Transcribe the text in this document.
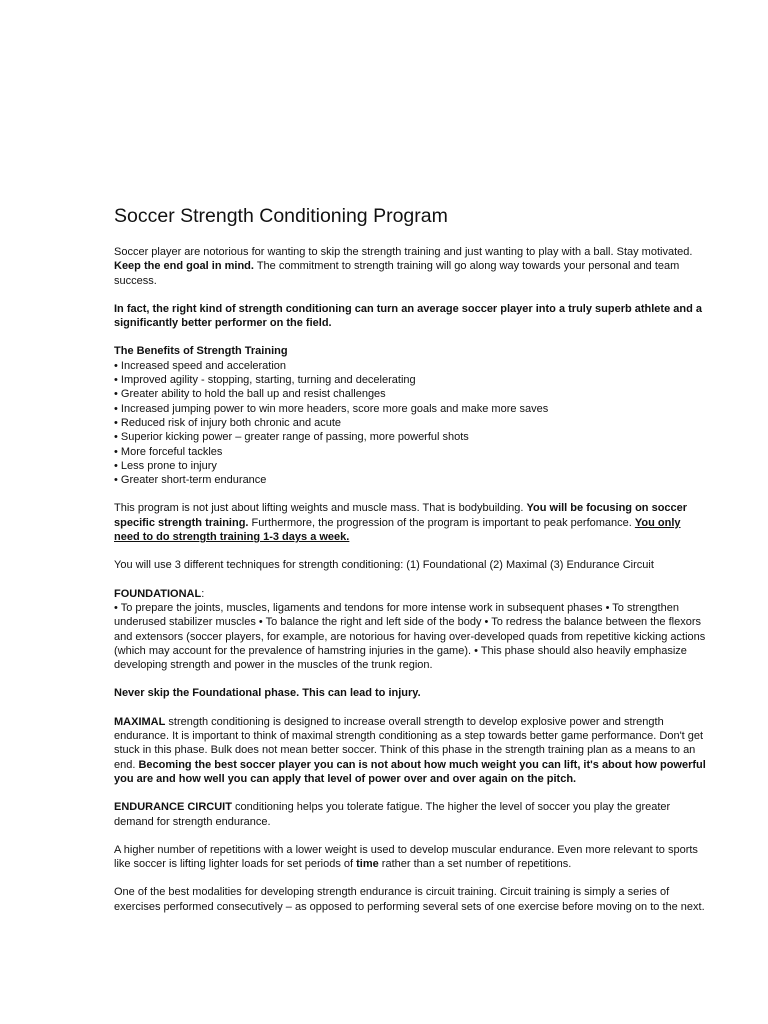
Soccer Strength Conditioning Program

Soccer player are notorious for wanting to skip the strength training and just wanting to play with a ball. Stay motivated. Keep the end goal in mind. The commitment to strength training will go along way towards your personal and team success.

In fact, the right kind of strength conditioning can turn an average soccer player into a truly superb athlete and a significantly better performer on the field.

The Benefits of Strength Training
• Increased speed and acceleration
• Improved agility - stopping, starting, turning and decelerating
• Greater ability to hold the ball up and resist challenges
• Increased jumping power to win more headers, score more goals and make more saves
• Reduced risk of injury both chronic and acute
• Superior kicking power – greater range of passing, more powerful shots
• More forceful tackles
• Less prone to injury
• Greater short-term endurance

This program is not just about lifting weights and muscle mass. That is bodybuilding. You will be focusing on soccer specific strength training. Furthermore, the progression of the program is important to peak perfomance. You only need to do strength training 1-3 days a week.

You will use 3 different techniques for strength conditioning: (1) Foundational (2) Maximal (3) Endurance Circuit

FOUNDATIONAL:

• To prepare the joints, muscles, ligaments and tendons for more intense work in subsequent phases • To strengthen underused stabilizer muscles • To balance the right and left side of the body • To redress the balance between the flexors and extensors (soccer players, for example, are notorious for having over-developed quads from repetitive kicking actions (which may account for the prevalence of hamstring injuries in the game). • This phase should also heavily emphasize developing strength and power in the muscles of the trunk region.

Never skip the Foundational phase. This can lead to injury.

MAXIMAL strength conditioning is designed to increase overall strength to develop explosive power and strength endurance. It is important to think of maximal strength conditioning as a step towards better game performance. Don't get stuck in this phase. Bulk does not mean better soccer. Think of this phase in the strength training plan as a means to an end. Becoming the best soccer player you can is not about how much weight you can lift, it's about how powerful you are and how well you can apply that level of power over and over again on the pitch.

ENDURANCE CIRCUIT conditioning helps you tolerate fatigue. The higher the level of soccer you play the greater demand for strength endurance.

A higher number of repetitions with a lower weight is used to develop muscular endurance. Even more relevant to sports like soccer is lifting lighter loads for set periods of time rather than a set number of repetitions.

One of the best modalities for developing strength endurance is circuit training. Circuit training is simply a series of exercises performed consecutively – as opposed to performing several sets of one exercise before moving on to the next.
